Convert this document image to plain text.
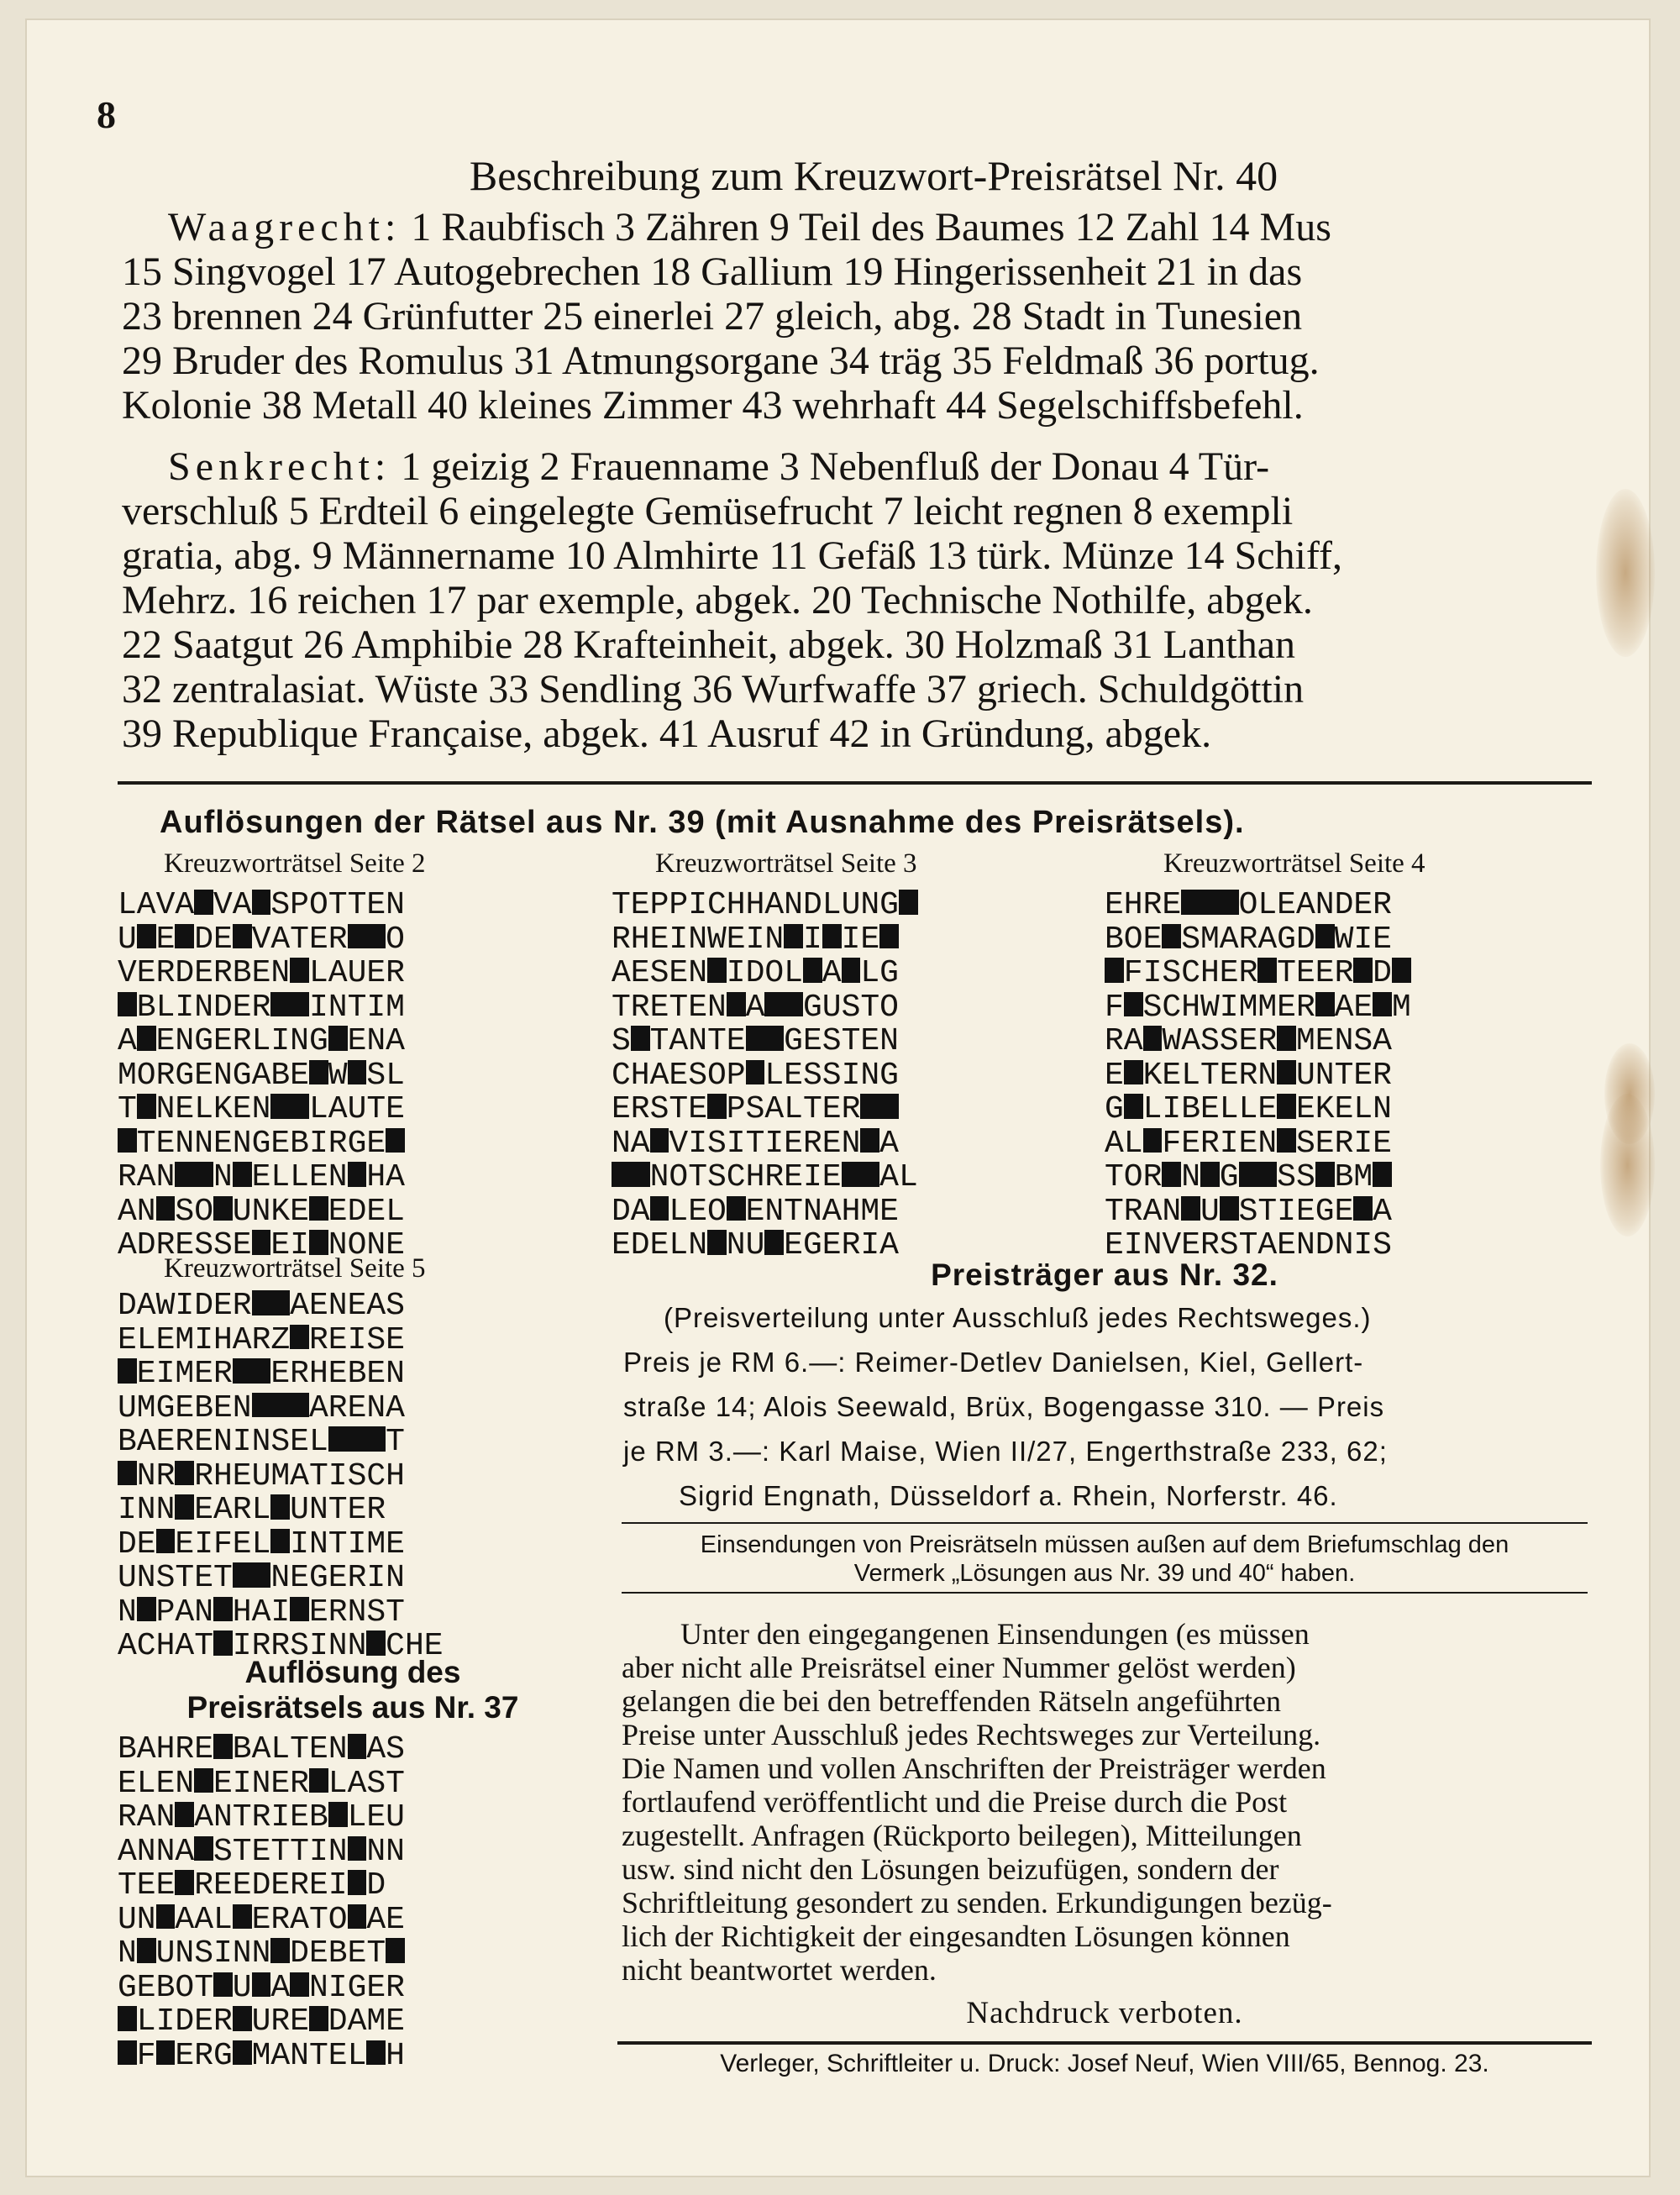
8
Beschreibung zum Kreuzwort-Preisrätsel Nr. 40
Waagrecht: 1 Raubfisch 3 Zähren 9 Teil des Baumes 12 Zahl 14 Mus
15 Singvogel 17 Autogebrechen 18 Gallium 19 Hingerissenheit 21 in das
23 brennen 24 Grünfutter 25 einerlei 27 gleich, abg. 28 Stadt in Tunesien
29 Bruder des Romulus 31 Atmungsorgane 34 träg 35 Feldmaß 36 portug.
Kolonie 38 Metall 40 kleines Zimmer 43 wehrhaft 44 Segelschiffsbefehl.
Senkrecht: 1 geizig 2 Frauenname 3 Nebenfluß der Donau 4 Tür-
verschluß 5 Erdteil 6 eingelegte Gemüsefrucht 7 leicht regnen 8 exempli
gratia, abg. 9 Männername 10 Almhirte 11 Gefäß 13 türk. Münze 14 Schiff,
Mehrz. 16 reichen 17 par exemple, abgek. 20 Technische Nothilfe, abgek.
22 Saatgut 26 Amphibie 28 Krafteinheit, abgek. 30 Holzmaß 31 Lanthan
32 zentralasiat. Wüste 33 Sendling 36 Wurfwaffe 37 griech. Schuldgöttin
39 Republique Française, abgek. 41 Ausruf 42 in Gründung, abgek.
Auflösungen der Rätsel aus Nr. 39 (mit Ausnahme des Preisrätsels).
Kreuzworträtsel Seite 2	Kreuzworträtsel Seite 3	Kreuzworträtsel Seite 4
LAVA VA SPOTTEN
U E DE VATER O
VERDERBEN LAUER
BLINDER INTIM
A ENGERLING ENA
MORGENGABE W SL
T NELKEN LAUTE
TENNENGEBIRGE
RAN N ELLEN HA
AN SO UNKE EDEL
ADRESSE EI NONE
TEPPICHHANDLUNG
RHEINWEIN I IE
AESEN IDOL A LG
TRETEN A GUSTO
S TANTE GESTEN
CHAESOP LESSING
ERSTE PSALTER
NA VISITIEREN A
NOTSCHREIE AL
DA LEO ENTNAHME
EDELN NU EGERIA
EHRE OLEANDER
BOE SMARAGD WIE
FISCHER TEER D
F SCHWIMMER AE M
RA WASSER MENSA
E KELTERN UNTER
G LIBELLE EKELN
AL FERIEN SERIE
TOR N G SS BM
TRAN U STIEGE A
EINVERSTAENDNIS
Kreuzworträtsel Seite 5
DAWIDER AENEAS
ELEMIHARZ REISE
EIMER ERHEBEN
UMGEBEN ARENA
BAERENINSEL T
NR RHEUMATISCH
INN EARL UNTER
DE EIFEL INTIME
UNSTET NEGERIN
N PAN HAI ERNST
ACHAT IRRSINN CHE
Auflösung des
Preisrätsels aus Nr. 37
BAHRE BALTEN AS
ELEN EINER LAST
RAN ANTRIEB LEU
ANNA STETTIN NN
TEE REEDEREI D
UN AAL ERATO AE
N UNSINN DEBET
GEBOT U A NIGER
LIDER URE DAME
F ERG MANTEL H
Preisträger aus Nr. 32.
(Preisverteilung unter Ausschluß jedes Rechtsweges.)
Preis je RM 6.—: Reimer-Detlev Danielsen, Kiel, Gellert-
straße 14; Alois Seewald, Brüx, Bogengasse 310. — Preis
je RM 3.—: Karl Maise, Wien II/27, Engerthstraße 233, 62;
Sigrid Engnath, Düsseldorf a. Rhein, Norferstr. 46.
Einsendungen von Preisrätseln müssen außen auf dem Briefumschlag den
Vermerk „Lösungen aus Nr. 39 und 40“ haben.
Unter den eingegangenen Einsendungen (es müssen
aber nicht alle Preisrätsel einer Nummer gelöst werden)
gelangen die bei den betreffenden Rätseln angeführten
Preise unter Ausschluß jedes Rechtsweges zur Verteilung.
Die Namen und vollen Anschriften der Preisträger werden
fortlaufend veröffentlicht und die Preise durch die Post
zugestellt. Anfragen (Rückporto beilegen), Mitteilungen
usw. sind nicht den Lösungen beizufügen, sondern der
Schriftleitung gesondert zu senden. Erkundigungen bezüg-
lich der Richtigkeit der eingesandten Lösungen können
nicht beantwortet werden.
Nachdruck verboten.
Verleger, Schriftleiter u. Druck: Josef Neuf, Wien VIII/65, Bennog. 23.
